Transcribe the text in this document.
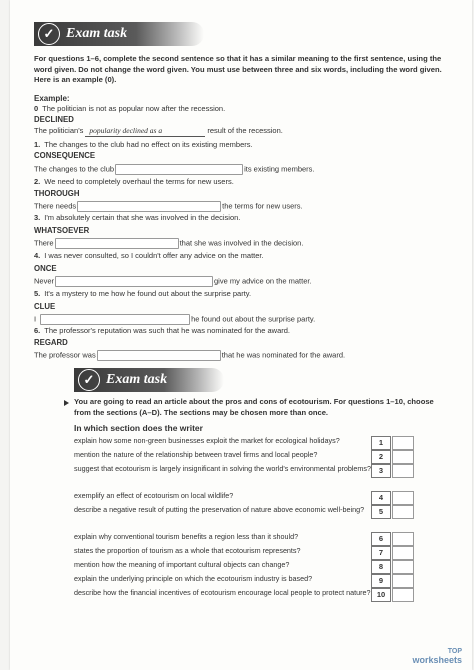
✓ Exam task
For questions 1–6, complete the second sentence so that it has a similar meaning to the first sentence, using the word given. Do not change the word given. You must use between three and six words, including the word given. Here is an example (0).
Example:
0 The politician is not as popular now after the recession.
DECLINED
The politician's popularity declined as a	result of the recession.
1. The changes to the club had no effect on its existing members.
CONSEQUENCE
The changes to the club	its existing members.
2. We need to completely overhaul the terms for new users.
THOROUGH
There needs	the terms for new users.
3. I'm absolutely certain that she was involved in the decision.
WHATSOEVER
There	that she was involved in the decision.
4. I was never consulted, so I couldn't offer any advice on the matter.
ONCE
Never	give my advice on the matter.
5. It's a mystery to me how he found out about the surprise party.
CLUE
I	he found out about the surprise party.
6. The professor's reputation was such that he was nominated for the award.
REGARD
The professor was	that he was nominated for the award.
✓ Exam task
You are going to read an article about the pros and cons of ecotourism. For questions 1–10, choose from the sections (A–D). The sections may be chosen more than once.
In which section does the writer
explain how some non-green businesses exploit the market for ecological holidays?	1
mention the nature of the relationship between travel firms and local people?	2
suggest that ecotourism is largely insignificant in solving the world's environmental problems?	3
exemplify an effect of ecotourism on local wildlife?	4
describe a negative result of putting the preservation of nature above economic well-being?	5
explain why conventional tourism benefits a region less than it should?	6
states the proportion of tourism as a whole that ecotourism represents?	7
mention how the meaning of important cultural objects can change?	8
explain the underlying principle on which the ecotourism industry is based?	9
describe how the financial incentives of ecotourism encourage local people to protect nature? 10
TOP
worksheets
